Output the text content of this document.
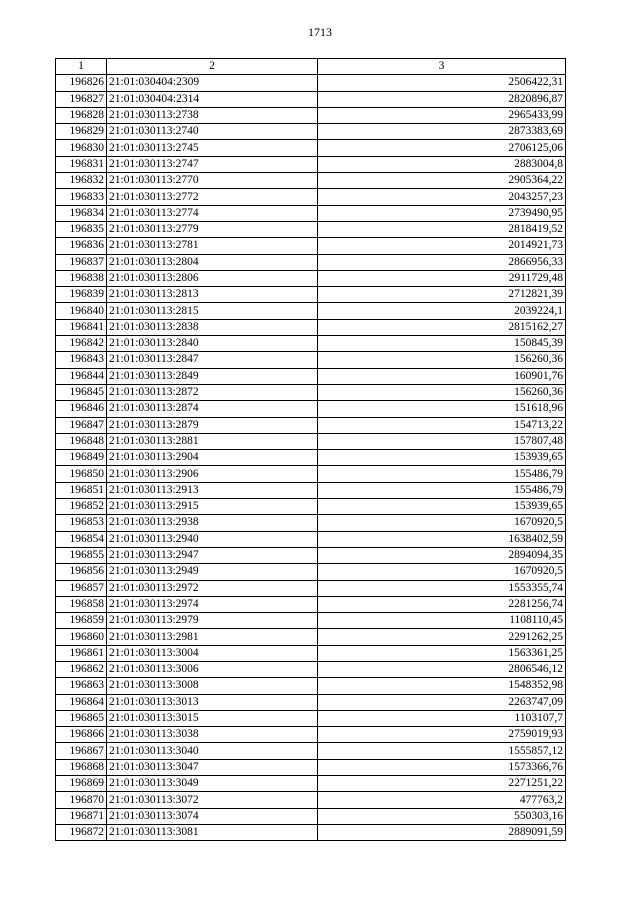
1713
1	2	3
196826	21:01:030404:2309	2506422,31
196827	21:01:030404:2314	2820896,87
196828	21:01:030113:2738	2965433,99
196829	21:01:030113:2740	2873383,69
196830	21:01:030113:2745	2706125,06
196831	21:01:030113:2747	2883004,8
196832	21:01:030113:2770	2905364,22
196833	21:01:030113:2772	2043257,23
196834	21:01:030113:2774	2739490,95
196835	21:01:030113:2779	2818419,52
196836	21:01:030113:2781	2014921,73
196837	21:01:030113:2804	2866956,33
196838	21:01:030113:2806	2911729,48
196839	21:01:030113:2813	2712821,39
196840	21:01:030113:2815	2039224,1
196841	21:01:030113:2838	2815162,27
196842	21:01:030113:2840	150845,39
196843	21:01:030113:2847	156260,36
196844	21:01:030113:2849	160901,76
196845	21:01:030113:2872	156260,36
196846	21:01:030113:2874	151618,96
196847	21:01:030113:2879	154713,22
196848	21:01:030113:2881	157807,48
196849	21:01:030113:2904	153939,65
196850	21:01:030113:2906	155486,79
196851	21:01:030113:2913	155486,79
196852	21:01:030113:2915	153939,65
196853	21:01:030113:2938	1670920,5
196854	21:01:030113:2940	1638402,59
196855	21:01:030113:2947	2894094,35
196856	21:01:030113:2949	1670920,5
196857	21:01:030113:2972	1553355,74
196858	21:01:030113:2974	2281256,74
196859	21:01:030113:2979	1108110,45
196860	21:01:030113:2981	2291262,25
196861	21:01:030113:3004	1563361,25
196862	21:01:030113:3006	2806546,12
196863	21:01:030113:3008	1548352,98
196864	21:01:030113:3013	2263747,09
196865	21:01:030113:3015	1103107,7
196866	21:01:030113:3038	2759019,93
196867	21:01:030113:3040	1555857,12
196868	21:01:030113:3047	1573366,76
196869	21:01:030113:3049	2271251,22
196870	21:01:030113:3072	477763,2
196871	21:01:030113:3074	550303,16
196872	21:01:030113:3081	2889091,59
